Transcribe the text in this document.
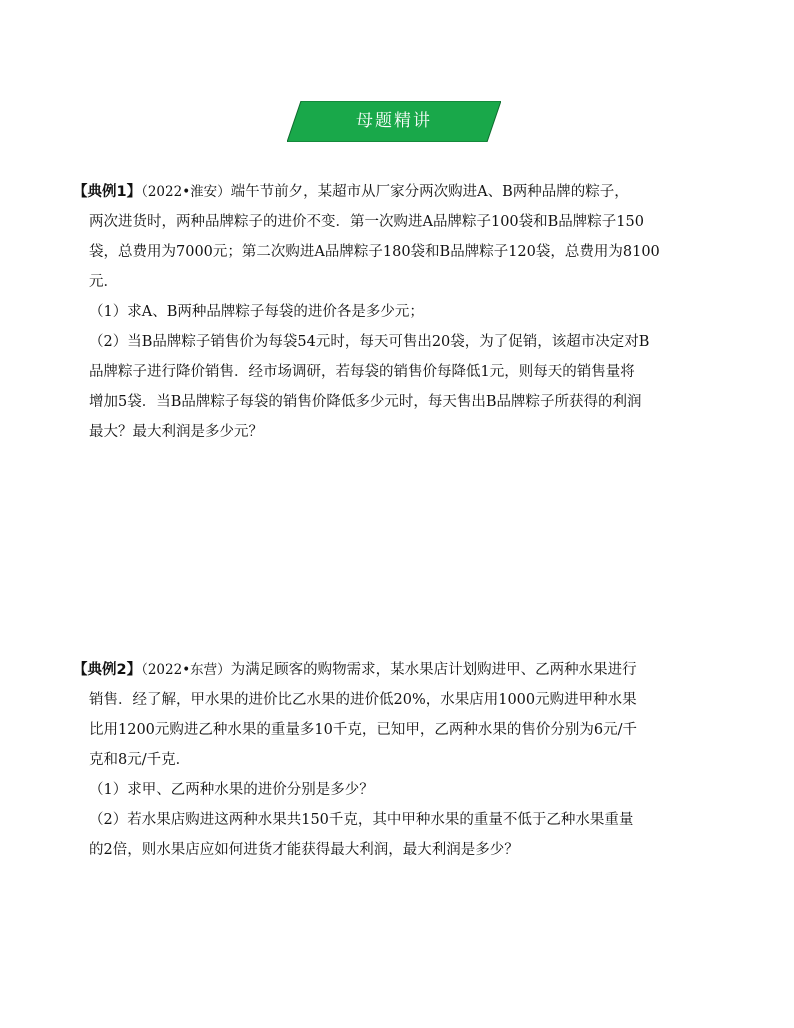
母题精讲
【典例1】（2022•淮安）端午节前夕，某超市从厂家分两次购进A、B两种品牌的粽子，
两次进货时，两种品牌粽子的进价不变．第一次购进A品牌粽子100袋和B品牌粽子150
袋，总费用为7000元；第二次购进A品牌粽子180袋和B品牌粽子120袋，总费用为8100
元．
（1）求A、B两种品牌粽子每袋的进价各是多少元；
（2）当B品牌粽子销售价为每袋54元时，每天可售出20袋，为了促销，该超市决定对B
品牌粽子进行降价销售．经市场调研，若每袋的销售价每降低1元，则每天的销售量将
增加5袋．当B品牌粽子每袋的销售价降低多少元时，每天售出B品牌粽子所获得的利润
最大？最大利润是多少元？
【典例2】（2022•东营）为满足顾客的购物需求，某水果店计划购进甲、乙两种水果进行
销售．经了解，甲水果的进价比乙水果的进价低20%，水果店用1000元购进甲种水果
比用1200元购进乙种水果的重量多10千克，已知甲，乙两种水果的售价分别为6元/千
克和8元/千克．
（1）求甲、乙两种水果的进价分别是多少？
（2）若水果店购进这两种水果共150千克，其中甲种水果的重量不低于乙种水果重量
的2倍，则水果店应如何进货才能获得最大利润，最大利润是多少？
